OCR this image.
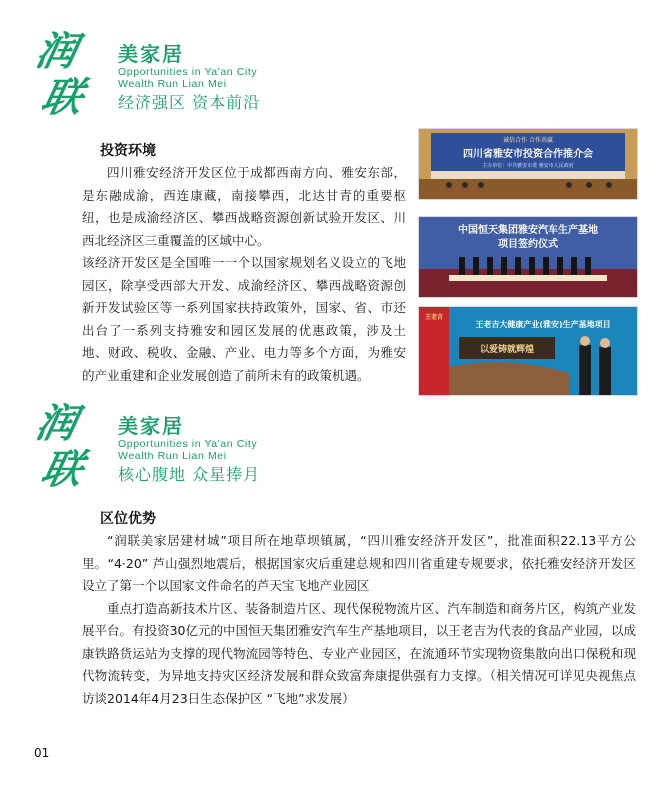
润
联
美家居
Opportunities in Ya'an City
Wealth Run Lian Mei
经济强区 资本前沿
投资环境

四川雅安经济开发区位于成都西南方向、雅安东部，是东融成渝，西连康藏，南接攀西，北达甘青的重要枢纽，也是成渝经济区、攀西战略资源创新试验开发区、川西北经济区三重覆盖的区域中心。

该经济开发区是全国唯一一个以国家规划名义设立的飞地园区，除享受西部大开发、成渝经济区、攀西战略资源创新开发试验区等一系列国家扶持政策外，国家、省、市还出台了一系列支持雅安和园区发展的优惠政策，涉及土地、财政、税收、金融、产业、电力等多个方面，为雅安的产业重建和企业发展创造了前所未有的政策机遇。

诚信合作 合作共赢
四川省雅安市投资合作推介会
主办单位：中共雅安市委 雅安市人民政府
中国恒天集团雅安汽车生产基地
项目签约仪式
王老吉
王老吉大健康产业(雅安)生产基地项目
以爱铸就辉煌
润
联
美家居
Opportunities in Ya'an City
Wealth Run Lian Mei
核心腹地 众星捧月
区位优势

“润联美家居建材城”项目所在地草坝镇属，“四川雅安经济开发区”，批准面积22.13平方公里。“4·20” 芦山强烈地震后，根据国家灾后重建总规和四川省重建专规要求，依托雅安经济开发区设立了第一个以国家文件命名的芦天宝飞地产业园区

重点打造高新技术片区、装备制造片区、现代保税物流片区、汽车制造和商务片区，构筑产业发展平台。有投资30亿元的中国恒天集团雅安汽车生产基地项目，以王老吉为代表的食品产业园，以成康铁路货运站为支撑的现代物流园等特色、专业产业园区，在流通环节实现物资集散向出口保税和现代物流转变，为异地支持灾区经济发展和群众致富奔康提供强有力支撑。（相关情况可详见央视焦点访谈2014年4月23日生态保护区 “飞地”求发展）

01
